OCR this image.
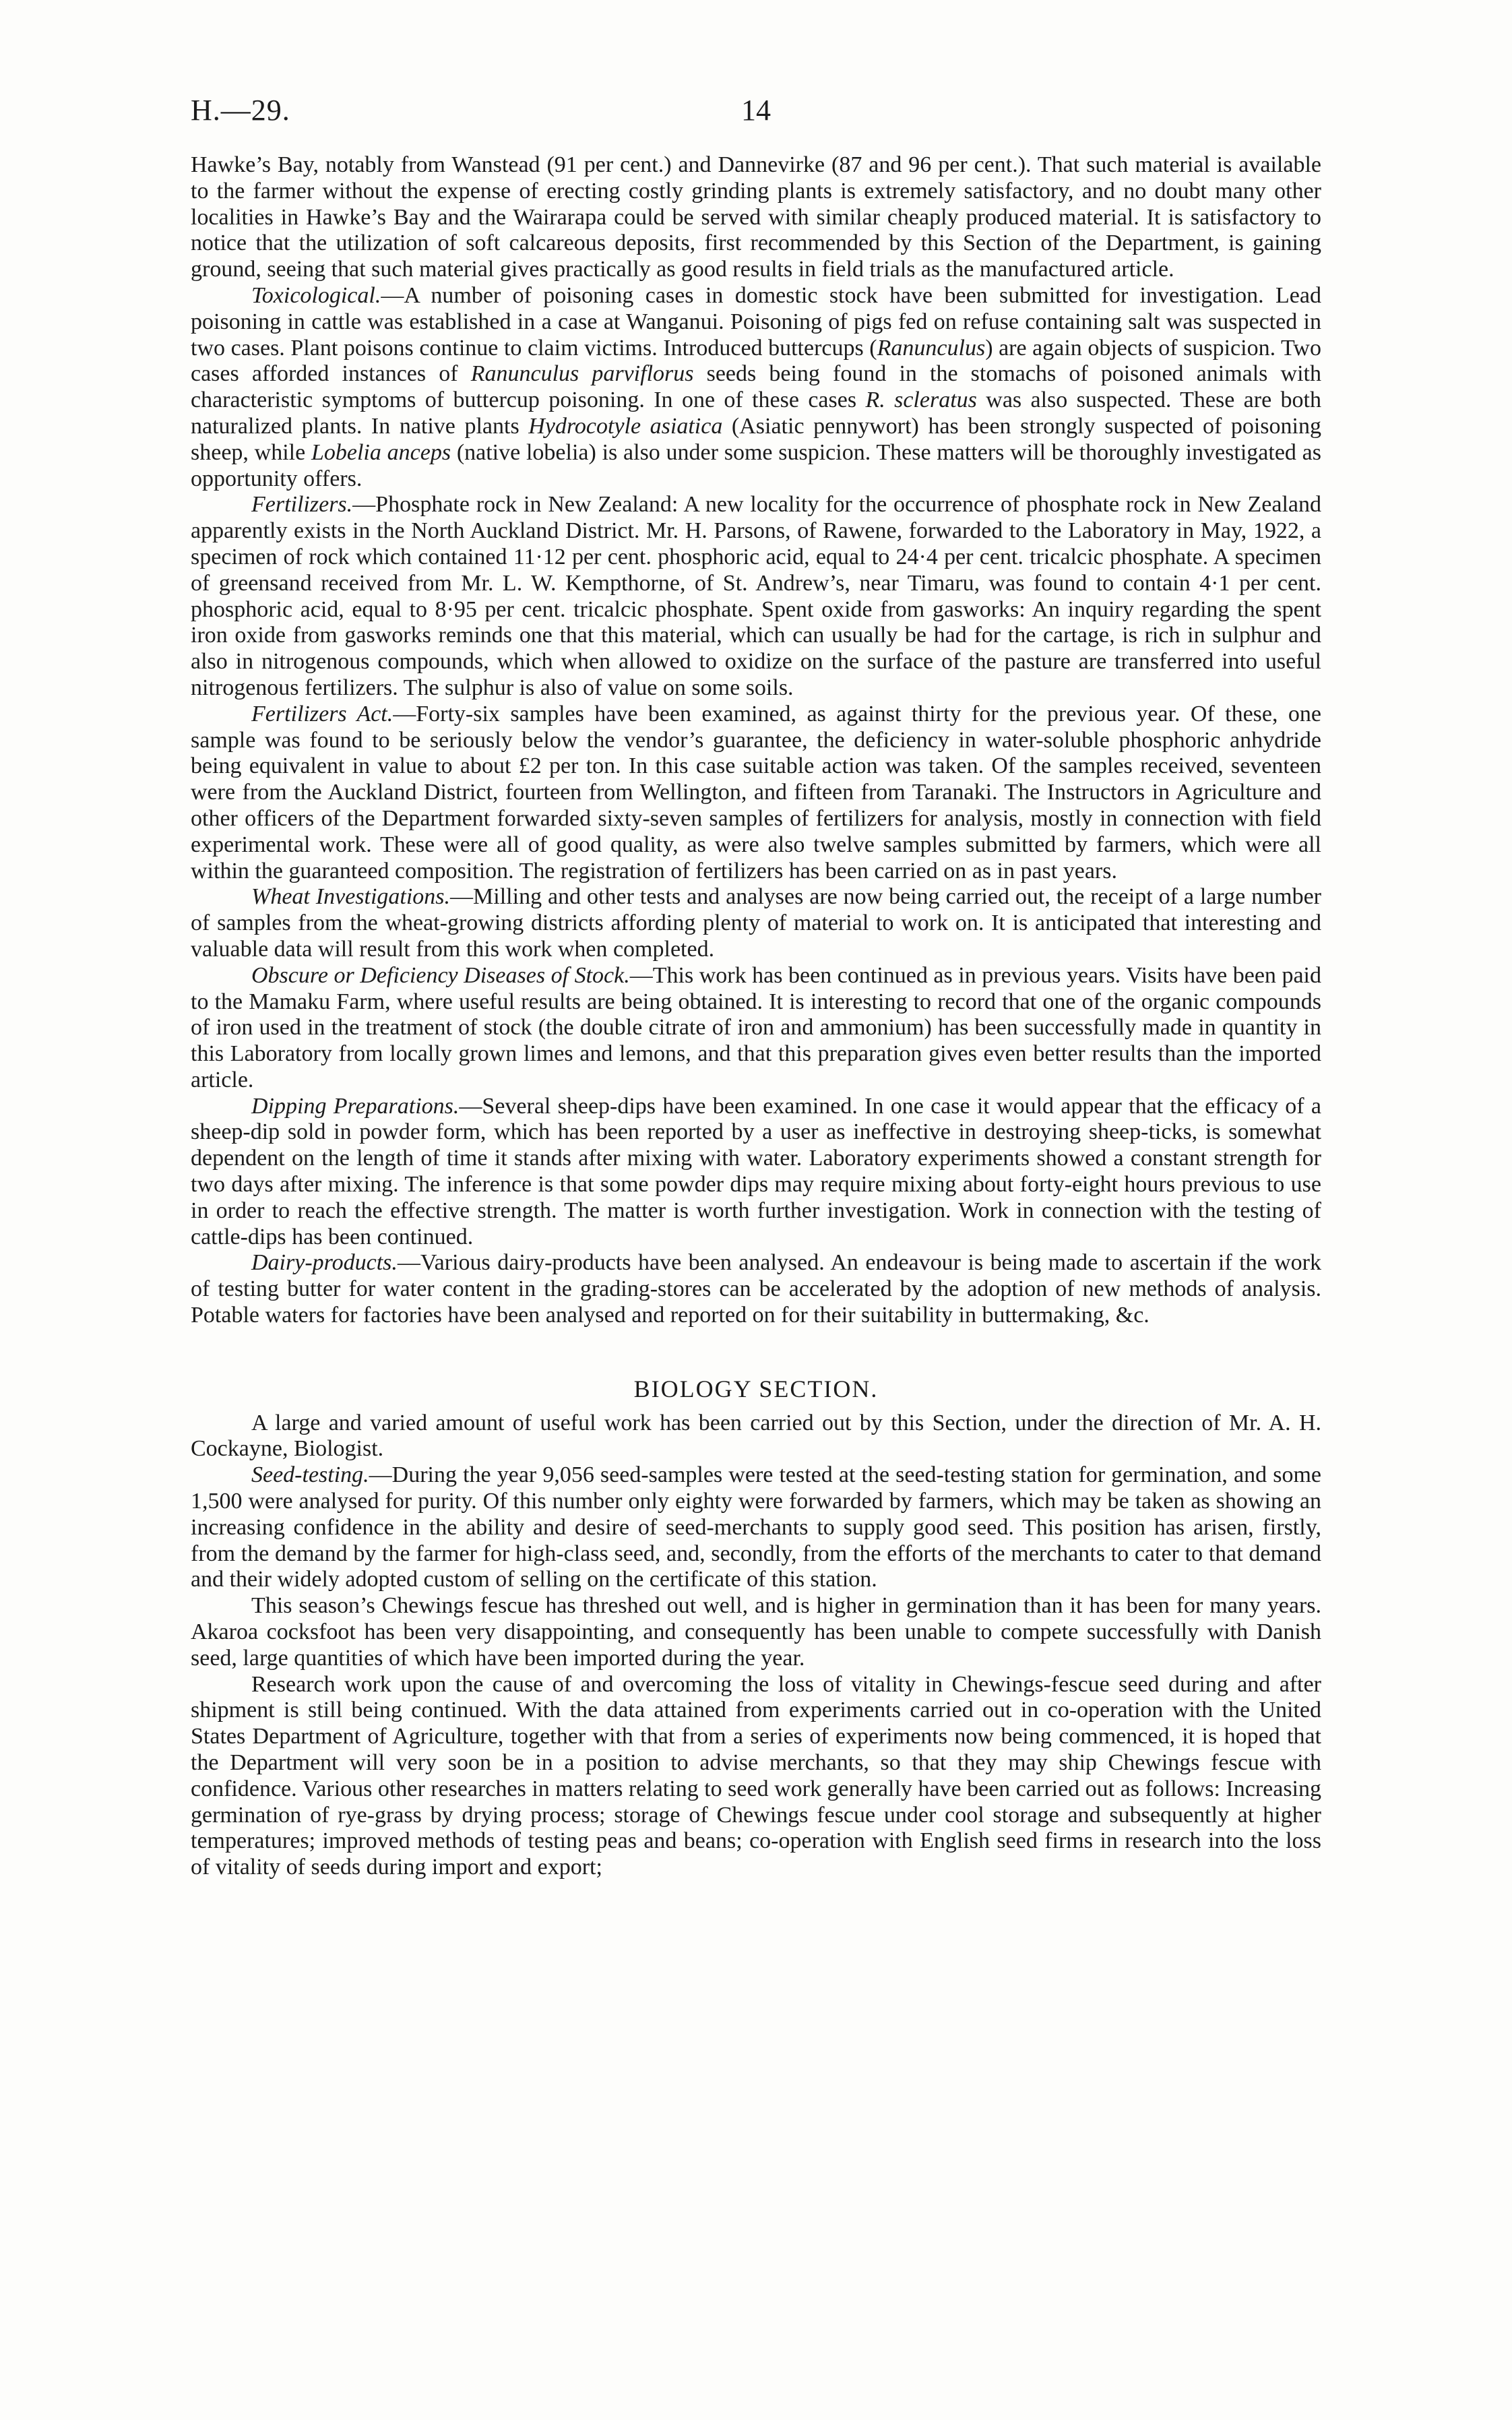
H.—29.	14

Hawke’s Bay, notably from Wanstead (91 per cent.) and Dannevirke (87 and 96 per cent.). That such material is available to the farmer without the expense of erecting costly grinding plants is extremely satisfactory, and no doubt many other localities in Hawke’s Bay and the Wairarapa could be served with similar cheaply produced material. It is satisfactory to notice that the utilization of soft calcareous deposits, first recommended by this Section of the Department, is gaining ground, seeing that such material gives practically as good results in field trials as the manufactured article.

Toxicological.—A number of poisoning cases in domestic stock have been submitted for investigation. Lead poisoning in cattle was established in a case at Wanganui. Poisoning of pigs fed on refuse containing salt was suspected in two cases. Plant poisons continue to claim victims. Introduced buttercups (Ranunculus) are again objects of suspicion. Two cases afforded instances of Ranunculus parviflorus seeds being found in the stomachs of poisoned animals with characteristic symptoms of buttercup poisoning. In one of these cases R. scleratus was also suspected. These are both naturalized plants. In native plants Hydrocotyle asiatica (Asiatic pennywort) has been strongly suspected of poisoning sheep, while Lobelia anceps (native lobelia) is also under some suspicion. These matters will be thoroughly investigated as opportunity offers.

Fertilizers.—Phosphate rock in New Zealand: A new locality for the occurrence of phosphate rock in New Zealand apparently exists in the North Auckland District. Mr. H. Parsons, of Rawene, forwarded to the Laboratory in May, 1922, a specimen of rock which contained 11·12 per cent. phosphoric acid, equal to 24·4 per cent. tricalcic phosphate. A specimen of greensand received from Mr. L. W. Kempthorne, of St. Andrew’s, near Timaru, was found to contain 4·1 per cent. phosphoric acid, equal to 8·95 per cent. tricalcic phosphate. Spent oxide from gasworks: An inquiry regarding the spent iron oxide from gasworks reminds one that this material, which can usually be had for the cartage, is rich in sulphur and also in nitrogenous compounds, which when allowed to oxidize on the surface of the pasture are transferred into useful nitrogenous fertilizers. The sulphur is also of value on some soils.

Fertilizers Act.—Forty-six samples have been examined, as against thirty for the previous year. Of these, one sample was found to be seriously below the vendor’s guarantee, the deficiency in water-soluble phosphoric anhydride being equivalent in value to about £2 per ton. In this case suitable action was taken. Of the samples received, seventeen were from the Auckland District, fourteen from Wellington, and fifteen from Taranaki. The Instructors in Agriculture and other officers of the Department forwarded sixty-seven samples of fertilizers for analysis, mostly in connection with field experimental work. These were all of good quality, as were also twelve samples submitted by farmers, which were all within the guaranteed composition. The registration of fertilizers has been carried on as in past years.

Wheat Investigations.—Milling and other tests and analyses are now being carried out, the receipt of a large number of samples from the wheat-growing districts affording plenty of material to work on. It is anticipated that interesting and valuable data will result from this work when completed.

Obscure or Deficiency Diseases of Stock.—This work has been continued as in previous years. Visits have been paid to the Mamaku Farm, where useful results are being obtained. It is interesting to record that one of the organic compounds of iron used in the treatment of stock (the double citrate of iron and ammonium) has been successfully made in quantity in this Laboratory from locally grown limes and lemons, and that this preparation gives even better results than the imported article.

Dipping Preparations.—Several sheep-dips have been examined. In one case it would appear that the efficacy of a sheep-dip sold in powder form, which has been reported by a user as ineffective in destroying sheep-ticks, is somewhat dependent on the length of time it stands after mixing with water. Laboratory experiments showed a constant strength for two days after mixing. The inference is that some powder dips may require mixing about forty-eight hours previous to use in order to reach the effective strength. The matter is worth further investigation. Work in connection with the testing of cattle-dips has been continued.

Dairy-products.—Various dairy-products have been analysed. An endeavour is being made to ascertain if the work of testing butter for water content in the grading-stores can be accelerated by the adoption of new methods of analysis. Potable waters for factories have been analysed and reported on for their suitability in buttermaking, &c.

BIOLOGY SECTION.

A large and varied amount of useful work has been carried out by this Section, under the direction of Mr. A. H. Cockayne, Biologist.

Seed-testing.—During the year 9,056 seed-samples were tested at the seed-testing station for germination, and some 1,500 were analysed for purity. Of this number only eighty were forwarded by farmers, which may be taken as showing an increasing confidence in the ability and desire of seed-merchants to supply good seed. This position has arisen, firstly, from the demand by the farmer for high-class seed, and, secondly, from the efforts of the merchants to cater to that demand and their widely adopted custom of selling on the certificate of this station.

This season’s Chewings fescue has threshed out well, and is higher in germination than it has been for many years. Akaroa cocksfoot has been very disappointing, and consequently has been unable to compete successfully with Danish seed, large quantities of which have been imported during the year.

Research work upon the cause of and overcoming the loss of vitality in Chewings-fescue seed during and after shipment is still being continued. With the data attained from experiments carried out in co-operation with the United States Department of Agriculture, together with that from a series of experiments now being commenced, it is hoped that the Department will very soon be in a position to advise merchants, so that they may ship Chewings fescue with confidence. Various other researches in matters relating to seed work generally have been carried out as follows: Increasing germination of rye-grass by drying process; storage of Chewings fescue under cool storage and subsequently at higher temperatures; improved methods of testing peas and beans; co-operation with English seed firms in research into the loss of vitality of seeds during import and export;
